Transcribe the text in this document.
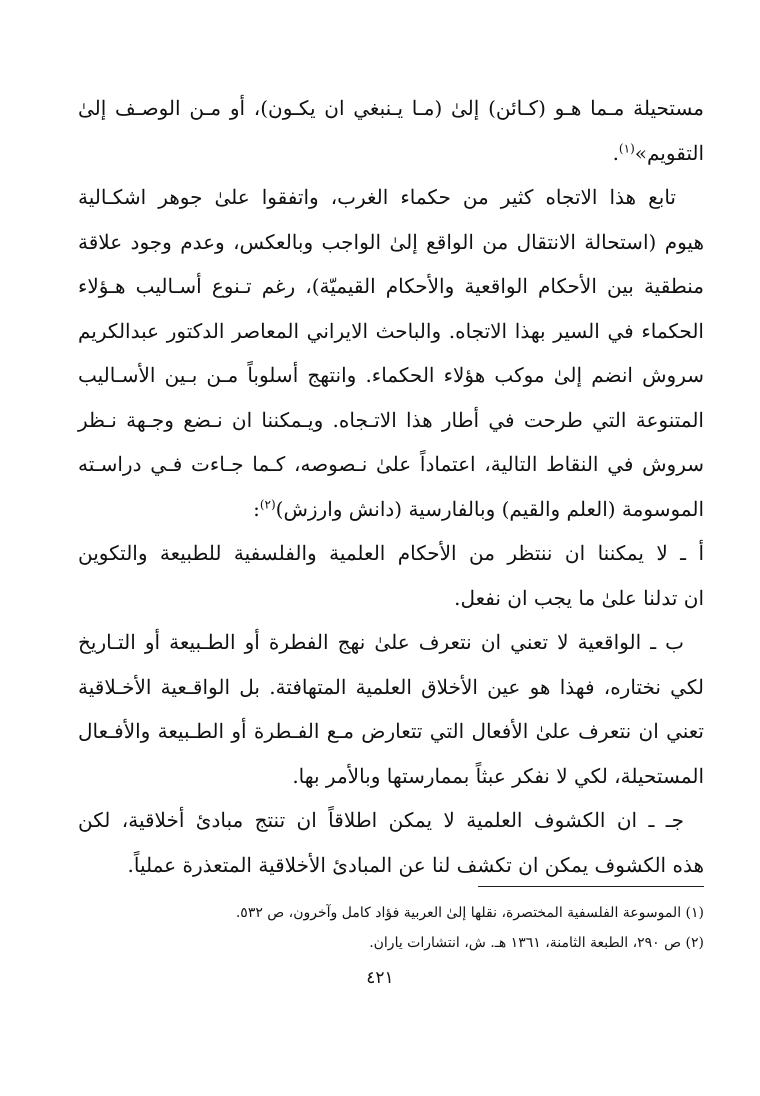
مستحيلة مـما هـو (كـائن) إلىٰ (مـا يـنبغي ان يكـون)، أو مـن الوصـف إلىٰ
التقويم»$^{(١)}$.

تابع هذا الاتجاه كثير من حكماء الغرب، واتفقوا علىٰ جوهر اشكـالية
هيوم (استحالة الانتقال من الواقع إلىٰ الواجب وبالعكس، وعدم وجود علاقة
منطقية بين الأحكام الواقعية والأحكام القيميّة)، رغم تـنوع أسـاليب هـؤلاء
الحكماء في السير بهذا الاتجاه. والباحث الايراني المعاصر الدكتور عبدالكريم
سروش انضم إلىٰ موكب هؤلاء الحكماء. وانتهج أسلوباً مـن بـين الأسـاليب
المتنوعة التي طرحت في أطار هذا الاتـجاه. ويـمكننا ان نـضع وجـهة نـظر
سروش في النقاط التالية، اعتماداً علىٰ نـصوصه، كـما جـاءت فـي دراسـته
الموسومة (العلم والقيم) وبالفارسية (دانش وارزش)$^{(٢)}$:

أ ـ لا يمكننا ان ننتظر من الأحكام العلمية والفلسفية للطبيعة والتكوين
ان تدلنا علىٰ ما يجب ان نفعل.

ب ـ الواقعية لا تعني ان نتعرف علىٰ نهج الفطرة أو الطـبيعة أو التـاريخ
لكي نختاره، فهذا هو عين الأخلاق العلمية المتهافتة. بل الواقـعية الأخـلاقية
تعني ان نتعرف علىٰ الأفعال التي تتعارض مـع الفـطرة أو الطـبيعة والأفـعال
المستحيلة، لكي لا نفكر عبثاً بممارستها وبالأمر بها.

جـ ـ ان الكشوف العلمية لا يمكن اطلاقاً ان تنتج مبادئ أخلاقية، لكن
هذه الكشوف يمكن ان تكشف لنا عن المبادئ الأخلاقية المتعذرة عملياً.

(١) الموسوعة الفلسفية المختصرة، نقلها إلىٰ العربية فؤاد كامل وآخرون، ص ٥٣٢.
(٢) ص ٢٩٠، الطبعة الثامنة، ١٣٦١ هـ. ش، انتشارات ياران.
٤٢١
